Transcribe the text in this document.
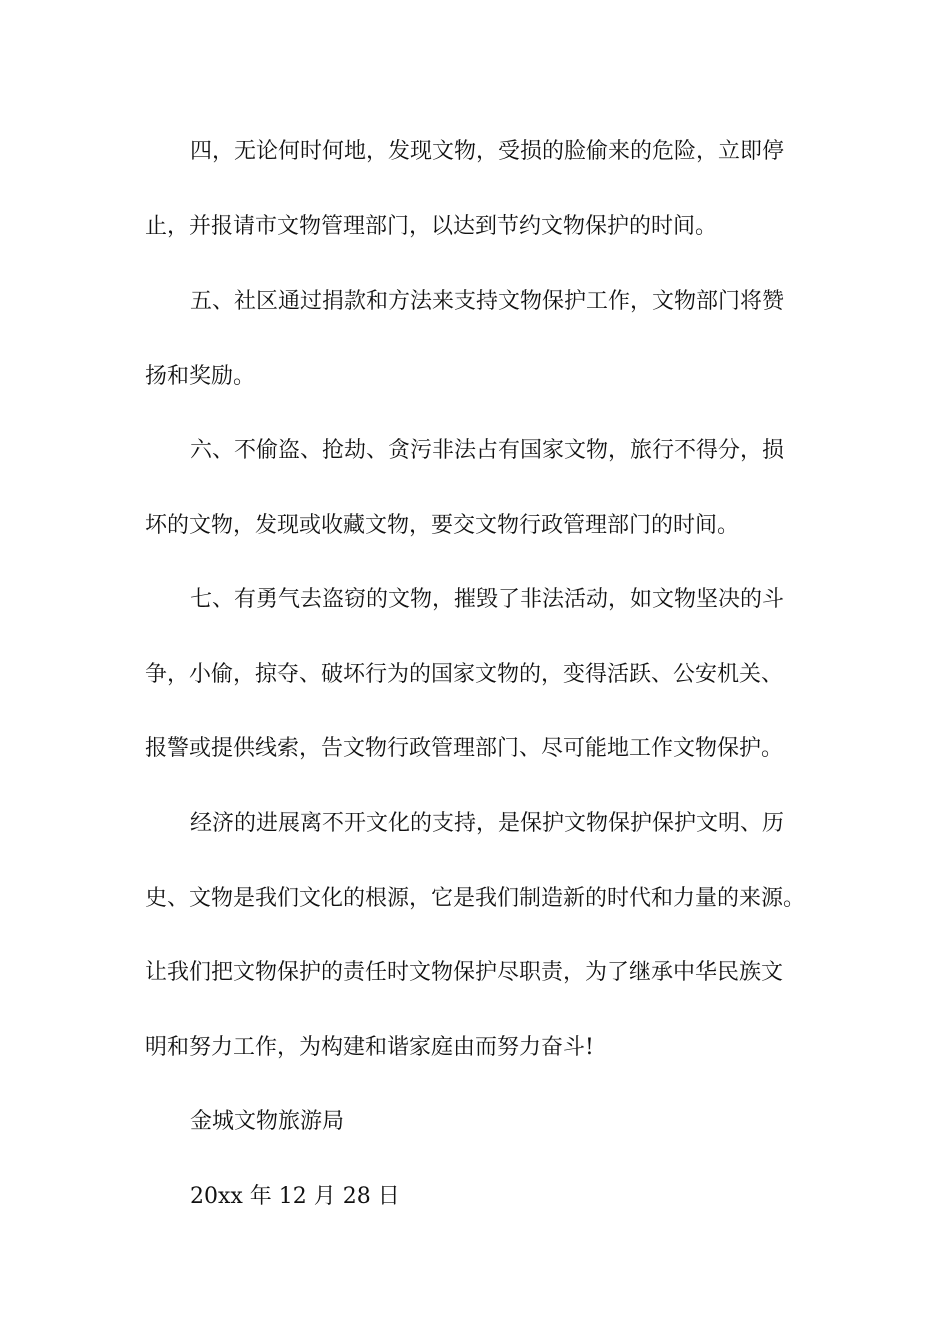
四，无论何时何地，发现文物，受损的脸偷来的危险，立即停
止，并报请市文物管理部门，以达到节约文物保护的时间。
五、社区通过捐款和方法来支持文物保护工作，文物部门将赞
扬和奖励。
六、不偷盗、抢劫、贪污非法占有国家文物，旅行不得分，损
坏的文物，发现或收藏文物，要交文物行政管理部门的时间。
七、有勇气去盗窃的文物，摧毁了非法活动，如文物坚决的斗
争，小偷，掠夺、破坏行为的国家文物的，变得活跃、公安机关、
报警或提供线索，告文物行政管理部门、尽可能地工作文物保护。
经济的进展离不开文化的支持，是保护文物保护保护文明、历
史、文物是我们文化的根源，它是我们制造新的时代和力量的来源。
让我们把文物保护的责任时文物保护尽职责，为了继承中华民族文
明和努力工作，为构建和谐家庭由而努力奋斗!
金城文物旅游局
20xx 年 12 月 28 日
